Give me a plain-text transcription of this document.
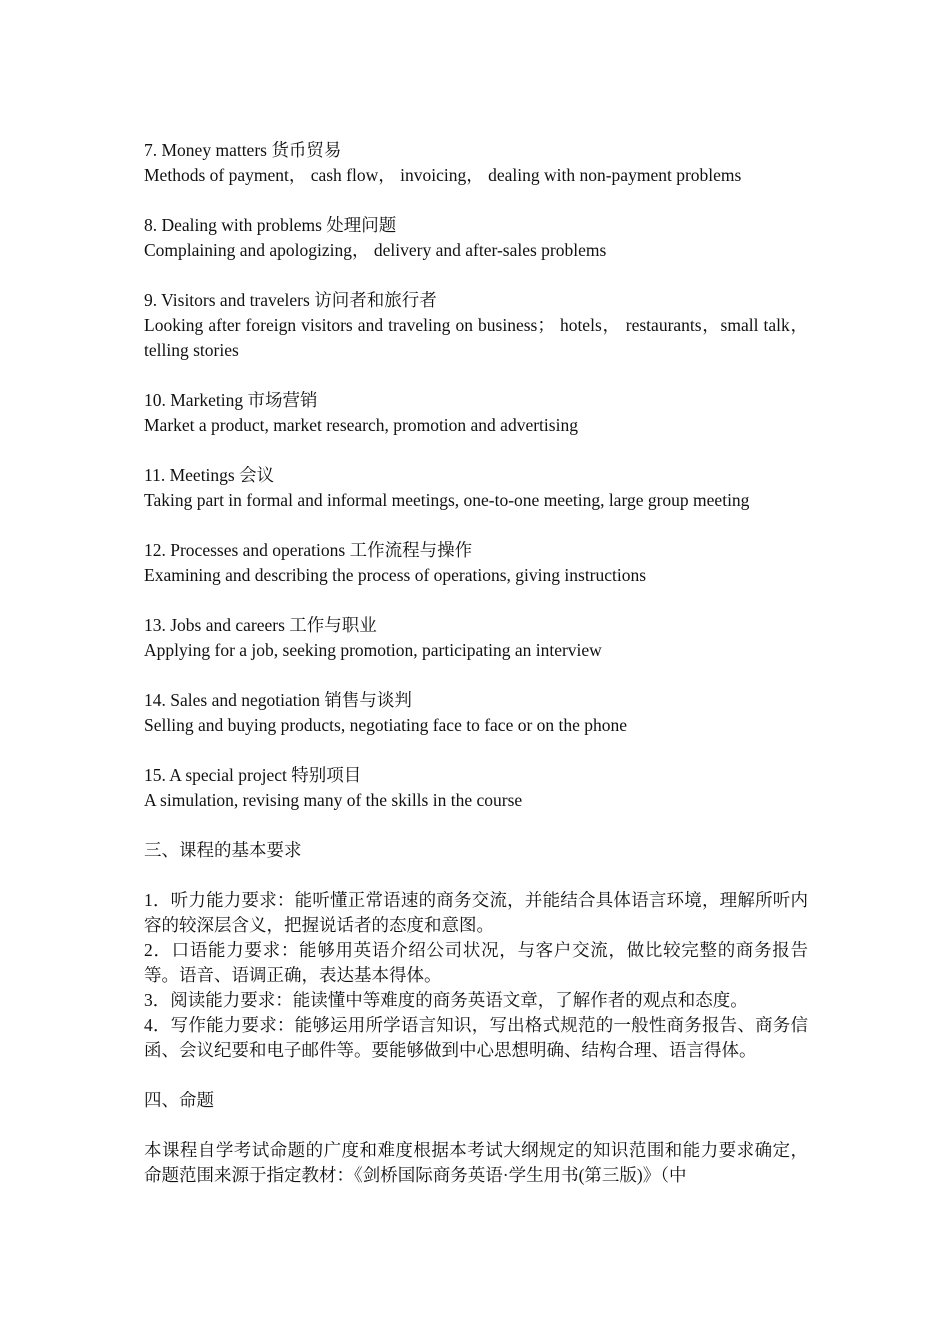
7. Money matters 货币贸易

Methods of payment， cash flow， invoicing， dealing with non-payment problems

8. Dealing with problems 处理问题

Complaining and apologizing， delivery and after-sales problems

9. Visitors and travelers 访问者和旅行者

Looking after foreign visitors and traveling on business； hotels， restaurants，small talk， telling stories

10. Marketing 市场营销

Market a product, market research, promotion and advertising

11. Meetings 会议

Taking part in formal and informal meetings, one-to-one meeting, large group meeting

12. Processes and operations 工作流程与操作

Examining and describing the process of operations, giving instructions

13. Jobs and careers 工作与职业

Applying for a job, seeking promotion, participating an interview

14. Sales and negotiation 销售与谈判

Selling and buying products, negotiating face to face or on the phone

15. A special project 特别项目

A simulation, revising many of the skills in the course

三、课程的基本要求

1．听力能力要求：能听懂正常语速的商务交流，并能结合具体语言环境，理解所听内容的较深层含义，把握说话者的态度和意图。

2．口语能力要求：能够用英语介绍公司状况，与客户交流，做比较完整的商务报告等。语音、语调正确，表达基本得体。

3．阅读能力要求：能读懂中等难度的商务英语文章，了解作者的观点和态度。

4．写作能力要求：能够运用所学语言知识，写出格式规范的一般性商务报告、商务信函、会议纪要和电子邮件等。要能够做到中心思想明确、结构合理、语言得体。

四、命题

本课程自学考试命题的广度和难度根据本考试大纲规定的知识范围和能力要求确定，命题范围来源于指定教材：《剑桥国际商务英语·学生用书(第三版)》（中
